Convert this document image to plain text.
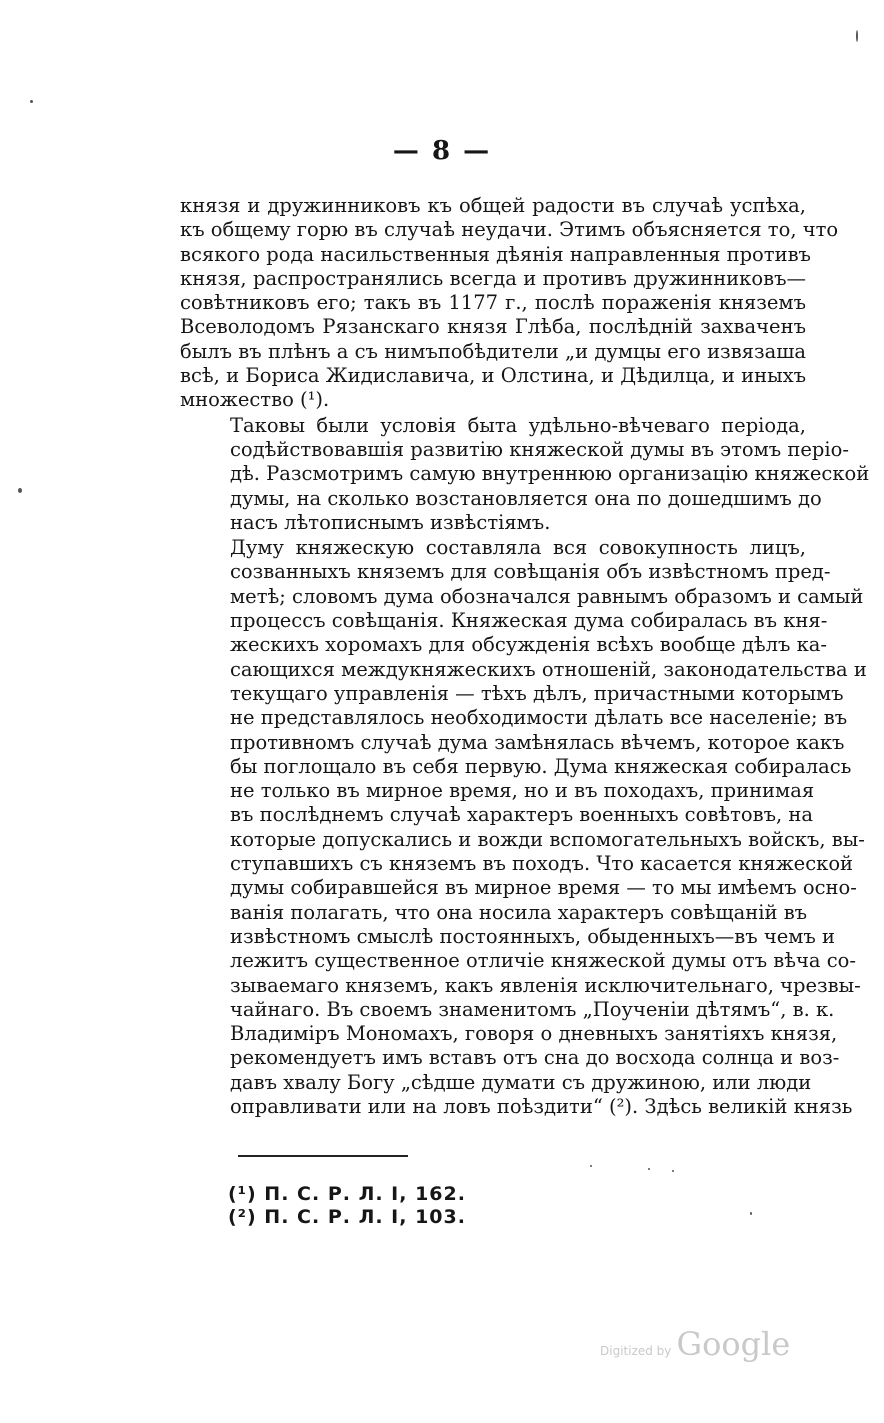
— 8 —

князя и дружинниковъ къ общей радости въ случаѣ успѣха,
къ общему горю въ случаѣ неудачи. Этимъ объясняется то, что
всякого рода насильственныя дѣянія направленныя противъ
князя, распространялись всегда и противъ дружинниковъ—
совѣтниковъ его; такъ въ 1177 г., послѣ пораженія княземъ
Всеволодомъ Рязанскаго князя Глѣба, послѣдній захваченъ
былъ въ плѣнъ а съ нимъпобѣдители „и думцы его извязаша
всѣ, и Бориса Жидиславича, и Олстина, и Дѣдилца, и иныхъ
множество (¹).

Таковы были условія быта удѣльно-вѣчеваго періода,
содѣйствовавшія развитію княжеской думы въ этомъ періо-
дѣ. Разсмотримъ самую внутреннюю организацію княжеской
думы, на сколько возстановляется она по дошедшимъ до
насъ лѣтописнымъ извѣстіямъ.

Думу княжескую составляла вся совокупность лицъ,
созванныхъ княземъ для совѣщанія объ извѣстномъ пред-
метѣ; словомъ дума обозначался равнымъ образомъ и самый
процессъ совѣщанія. Княжеская дума собиралась въ кня-
жескихъ хоромахъ для обсужденія всѣхъ вообще дѣлъ ка-
сающихся междукняжескихъ отношеній, законодательства и
текущаго управленія — тѣхъ дѣлъ, причастными которымъ
не представлялось необходимости дѣлать все населеніе; въ
противномъ случаѣ дума замѣнялась вѣчемъ, которое какъ
бы поглощало въ себя первую. Дума княжеская собиралась
не только въ мирное время, но и въ походахъ, принимая
въ послѣднемъ случаѣ характеръ военныхъ совѣтовъ, на
которые допускались и вожди вспомогательныхъ войскъ, вы-
ступавшихъ съ княземъ въ походъ. Что касается княжеской
думы собиравшейся въ мирное время — то мы имѣемъ осно-
ванія полагать, что она носила характеръ совѣщаній въ
извѣстномъ смыслѣ постоянныхъ, обыденныхъ—въ чемъ и
лежитъ существенное отличіе княжеской думы отъ вѣча со-
зываемаго княземъ, какъ явленія исключительнаго, чрезвы-
чайнаго. Въ своемъ знаменитомъ „Поученіи дѣтямъ“, в. к.
Владиміръ Мономахъ, говоря о дневныхъ занятіяхъ князя,
рекомендуетъ имъ вставъ отъ сна до восхода солнца и воз-
давъ хвалу Богу „сѣдше думати съ дружиною, или люди
оправливати или на ловъ поѣздити“ (²). Здѣсь великій князь

(¹) П. С. Р. Л. I, 162.
(²) П. С. Р. Л. I, 103.
Digitized by Google
